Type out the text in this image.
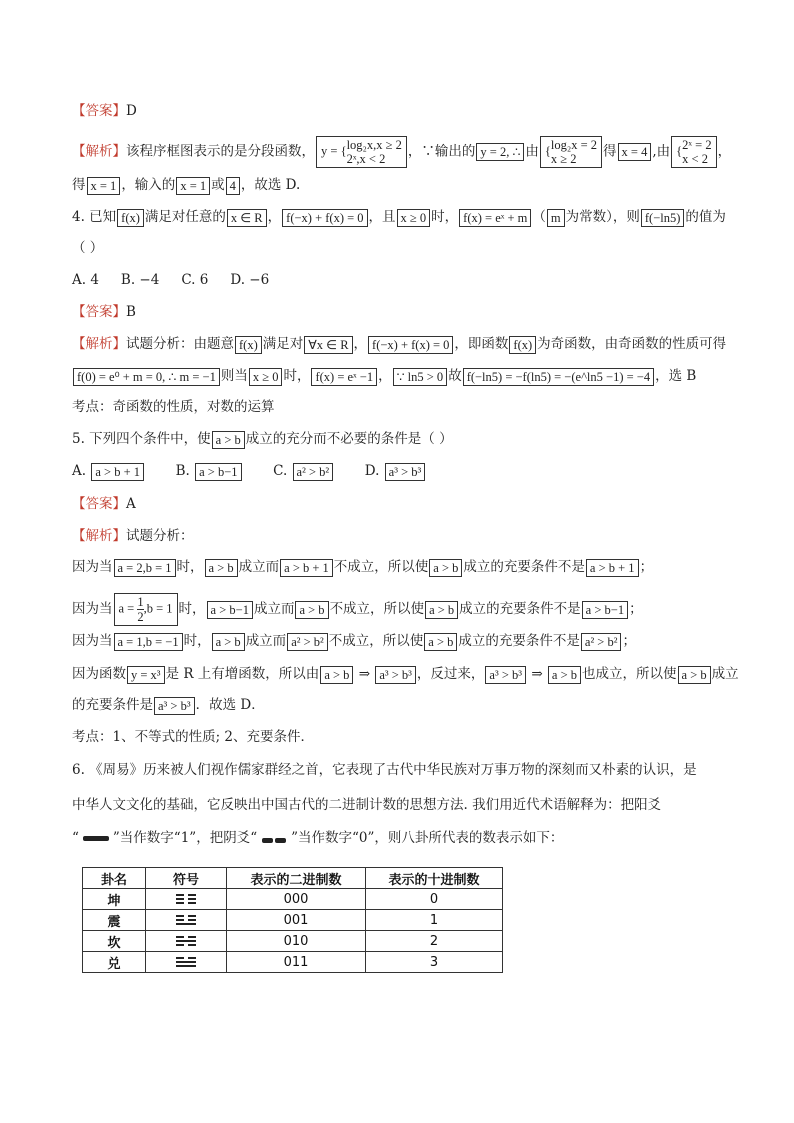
【答案】D
【解析】该程序框图表示的是分段函数， y = { log₂x,x ≥ 2
2ˣ,x < 2	，∵输出的 y = 2, ∴ 由 { log₂x = 2
x ≥ 2	得 x = 4 ,由 { 2ˣ = 2
x < 2 ，
得 x = 1 ，输入的 x = 1 或 4 ，故选 D.
4. 已知 f(x) 满足对任意的 x ∈ R ， f(−x) + f(x) = 0 ，且 x ≥ 0 时， f(x) = eˣ + m （ m 为常数），则 f(−ln5) 的值为
（ ）
A. 4 B. −4 C. 6 D. −6
【答案】B
【解析】试题分析：由题意 f(x) 满足对 ∀x ∈ R ， f(−x) + f(x) = 0 ，即函数 f(x) 为奇函数，由奇函数的性质可得
f(0) = e⁰ + m = 0, ∴ m = −1 则当 x ≥ 0 时， f(x) = eˣ −1 ， ∵ ln5 > 0 故 f(−ln5) = −f(ln5) = −(e^ln5 −1) = −4 ，选 B
考点：奇函数的性质，对数的运算
5. 下列四个条件中，使 a > b 成立的充分而不必要的条件是（ ）
A. a > b + 1	B. a > b−1	C. a² > b²	D. a³ > b³
【答案】A
【解析】试题分析：
因为当 a = 2,b = 1 时， a > b 成立而 a > b + 1 不成立，所以使 a > b 成立的充要条件不是 a > b + 1 ；
因为当 $a = \frac{1}{2} ,b = 1$ 时， a > b−1 成立而 a > b 不成立，所以使 a > b 成立的充要条件不是 a > b−1 ；
因为当 a = 1,b = −1 时， a > b 成立而 a² > b² 不成立，所以使 a > b 成立的充要条件不是 a² > b² ；
因为函数 y = x³ 是 R 上有增函数，所以由 a > b ⇒ a³ > b³ ，反过来， a³ > b³ ⇒ a > b 也成立，所以使 a > b 成立
的充要条件是 a³ > b³ ．故选 D．
考点：1、不等式的性质; 2、充要条件．
6. 《周易》历来被人们视作儒家群经之首，它表现了古代中华民族对万事万物的深刻而又朴素的认识，是
中华人文文化的基础，它反映出中国古代的二进制计数的思想方法. 我们用近代术语解释为：把阳爻
“	”当作数字“1”，把阴爻“	”当作数字“0”，则八卦所代表的数表示如下：
卦名	符号	表示的二进制数	表示的十进制数
坤		000	0
震		001	1
坎		010	2
兑		011	3
